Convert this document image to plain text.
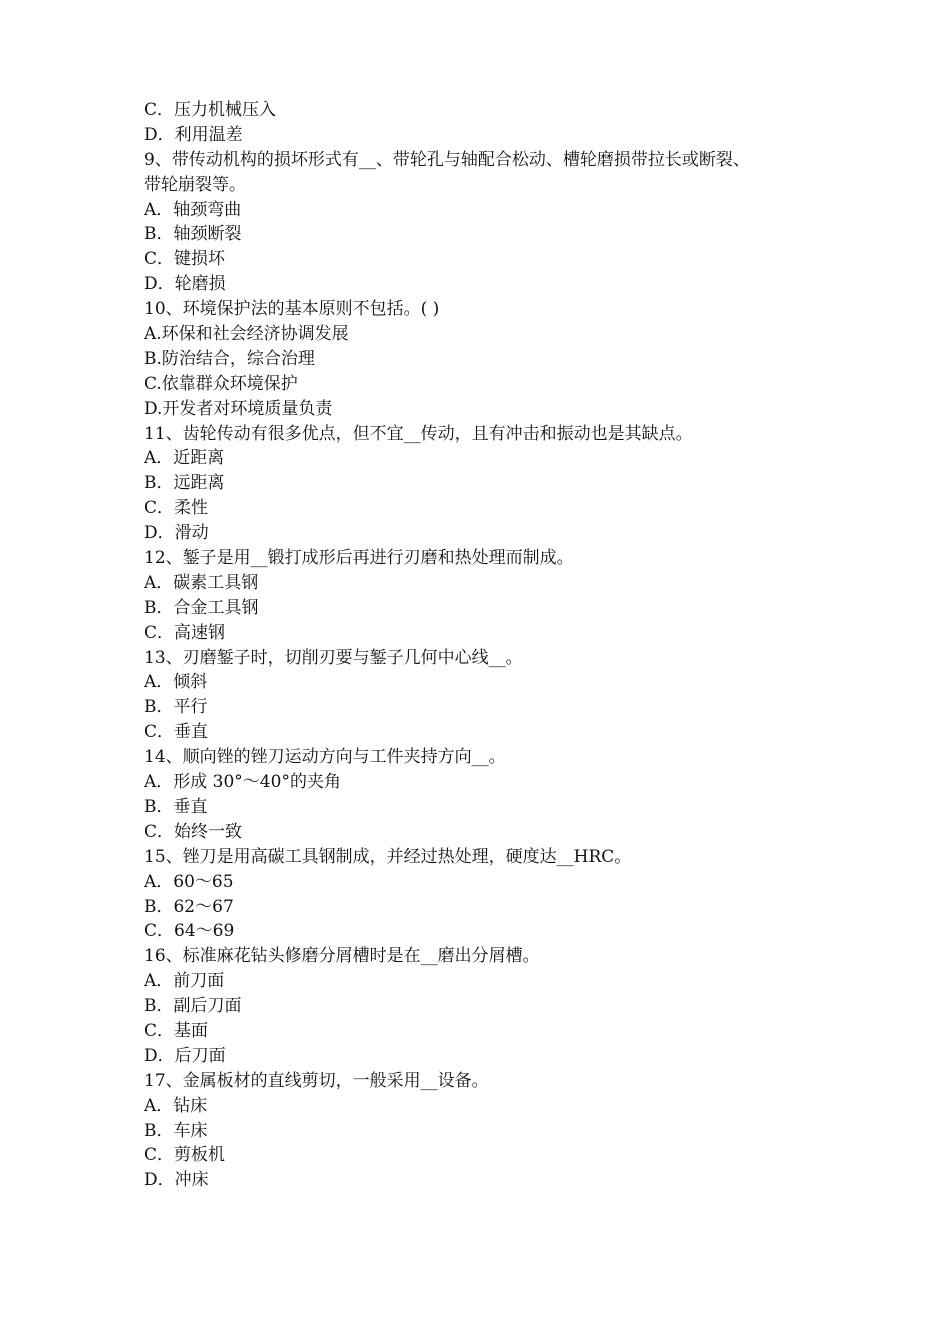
C．压力机械压入
D．利用温差
9、带传动机构的损坏形式有__、带轮孔与轴配合松动、槽轮磨损带拉长或断裂、
带轮崩裂等。
A．轴颈弯曲
B．轴颈断裂
C．键损坏
D．轮磨损
10、环境保护法的基本原则不包括。( )
A.环保和社会经济协调发展
B.防治结合，综合治理
C.依靠群众环境保护
D.开发者对环境质量负责
11、齿轮传动有很多优点，但不宜__传动，且有冲击和振动也是其缺点。
A．近距离
B．远距离
C．柔性
D．滑动
12、錾子是用__锻打成形后再进行刃磨和热处理而制成。
A．碳素工具钢
B．合金工具钢
C．高速钢
13、刃磨錾子时，切削刃要与錾子几何中心线__。
A．倾斜
B．平行
C．垂直
14、顺向锉的锉刀运动方向与工件夹持方向__。
A．形成 30°～40°的夹角
B．垂直
C．始终一致
15、锉刀是用高碳工具钢制成，并经过热处理，硬度达__HRC。
A．60～65
B．62～67
C．64～69
16、标准麻花钻头修磨分屑槽时是在__磨出分屑槽。
A．前刀面
B．副后刀面
C．基面
D．后刀面
17、金属板材的直线剪切，一般采用__设备。
A．钻床
B．车床
C．剪板机
D．冲床
